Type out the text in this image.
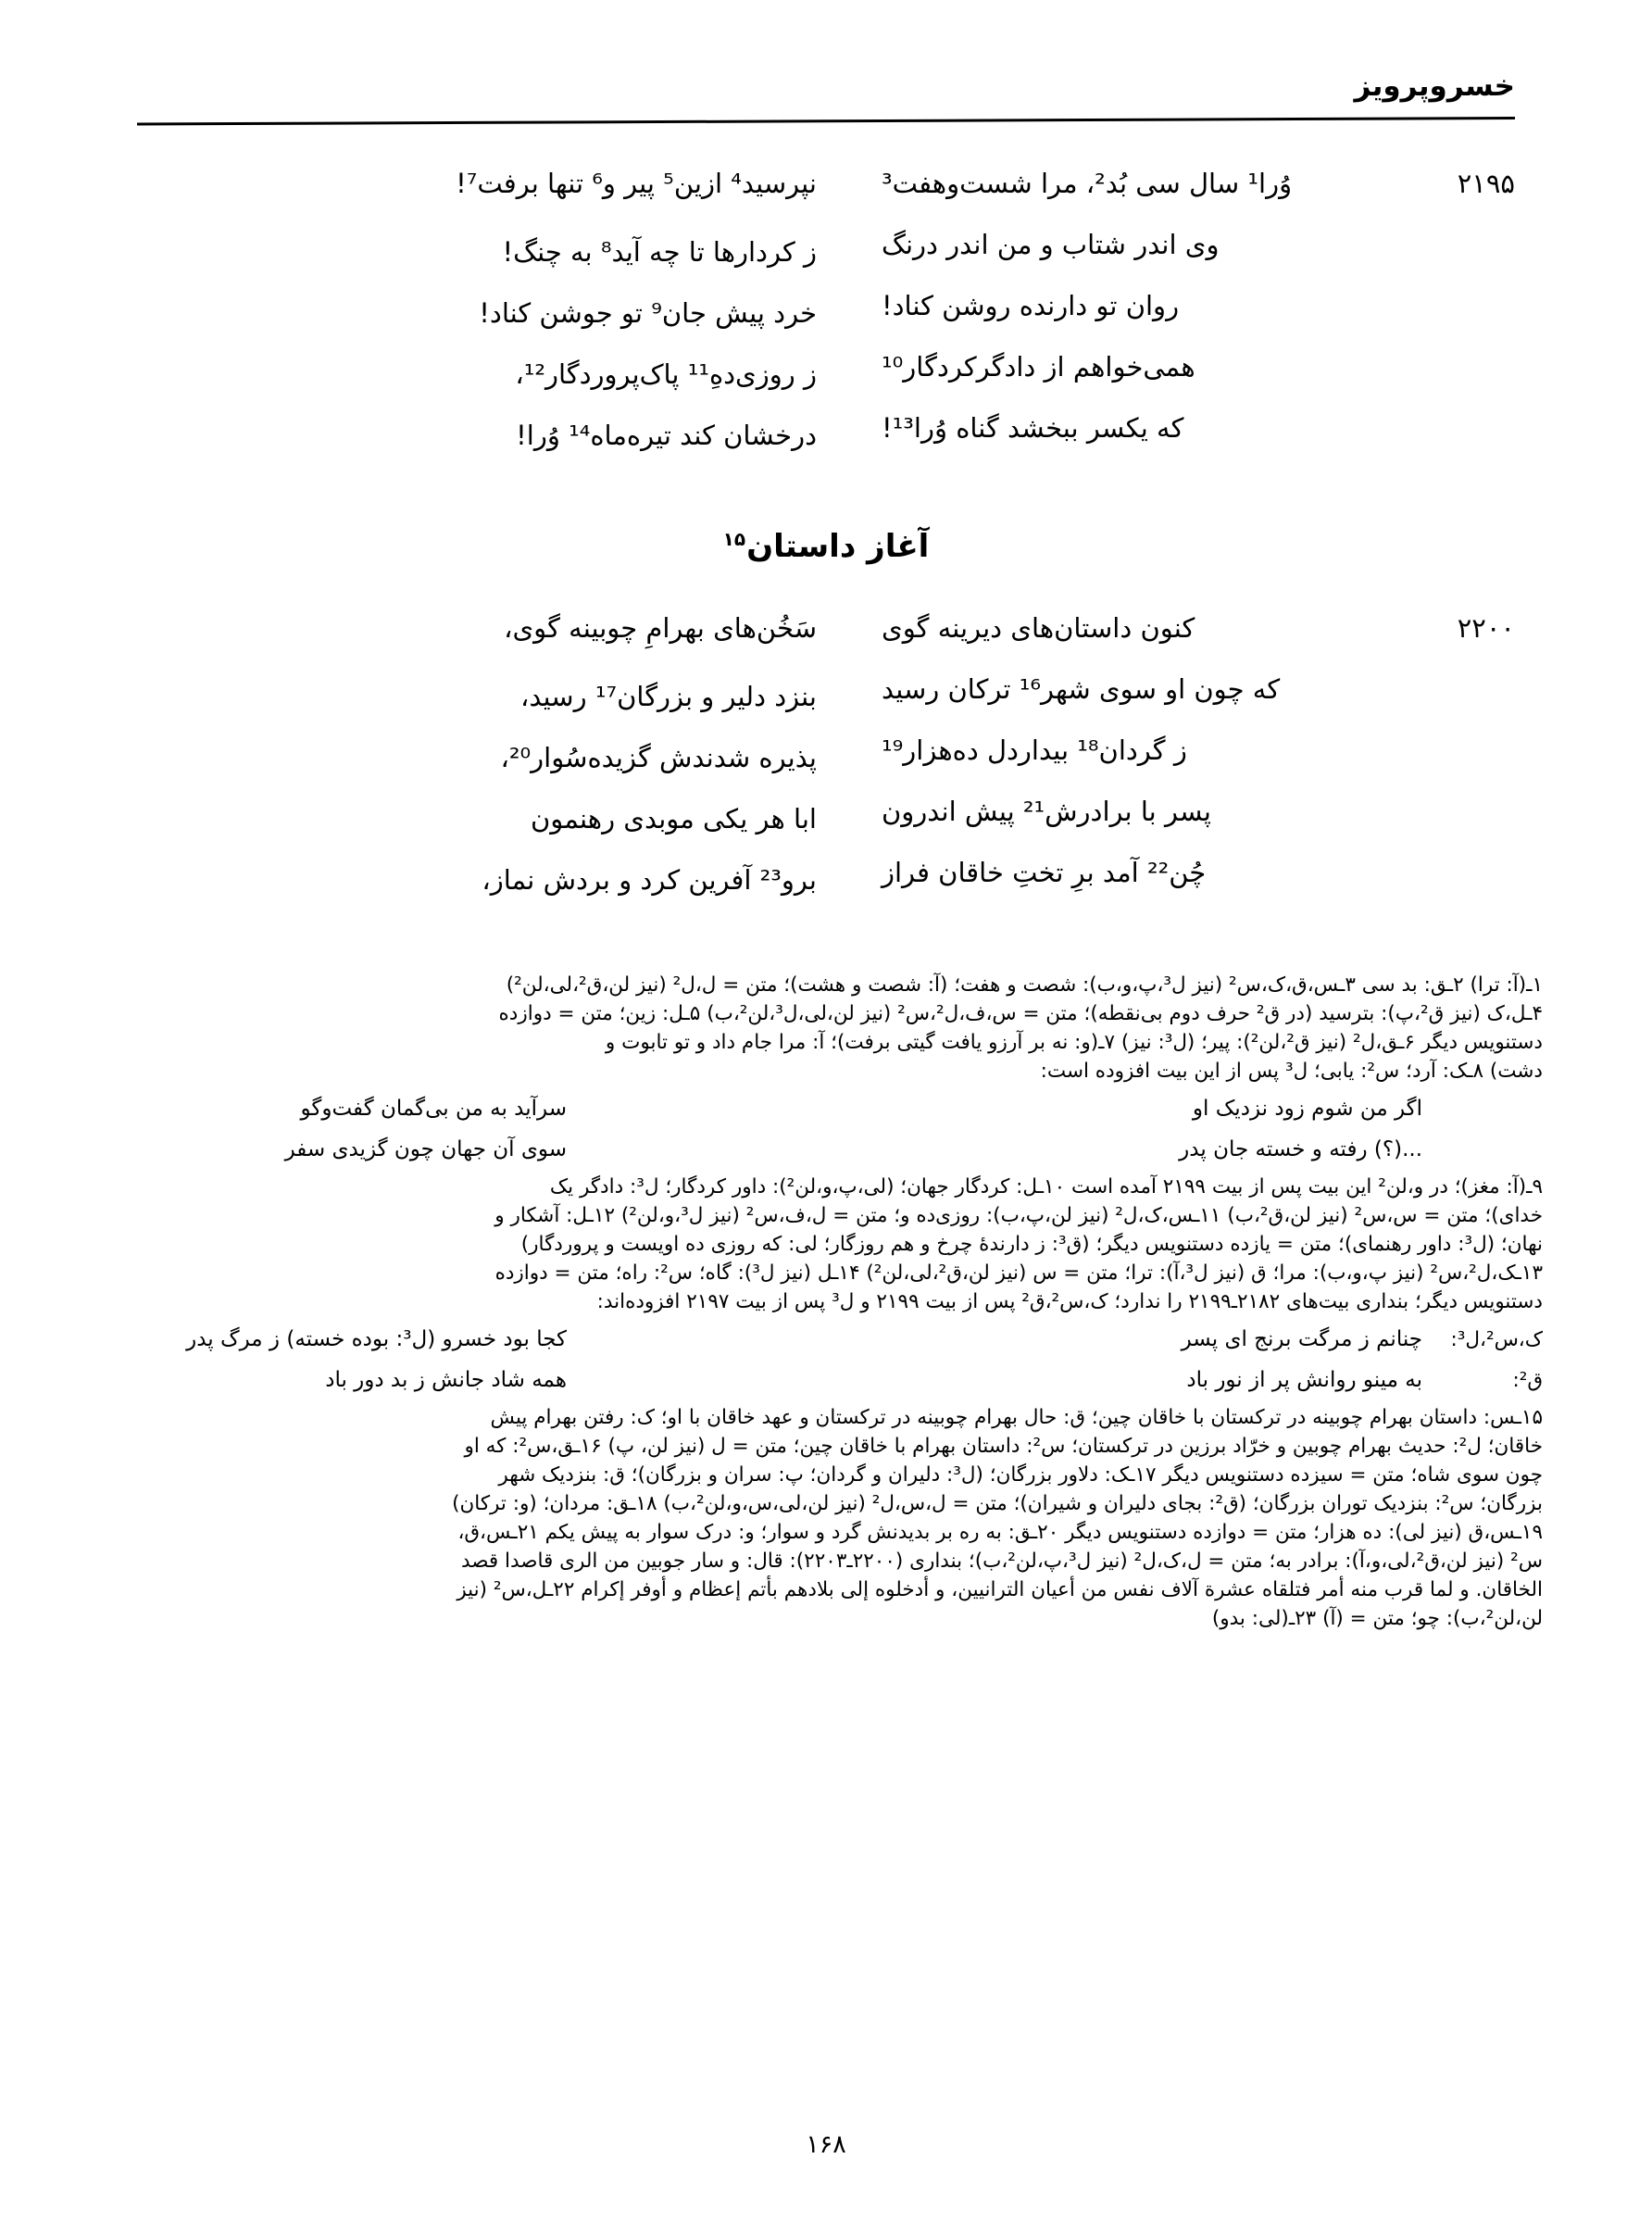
خسروپرویز
۲۱۹۵
وُرا¹ سال سی بُد²، مرا شست‌وهفت³
نپرسید⁴ ازین⁵ پیر و⁶ تنها برفت⁷!
وی اندر شتاب و من اندر درنگ
ز کردارها تا چه آید⁸ به چنگ!
روان تو دارنده روشن کناد!
خرد پیش جان⁹ تو جوشن کناد!
همی‌خواهم از دادگرکردگار¹⁰
ز روزی‌دهِ¹¹ پاک‌پروردگار¹²،
که یکسر ببخشد گناه وُرا¹³!
درخشان کند تیره‌ماه¹⁴ وُرا!
آغاز داستان$^{۱۵}$
۲۲۰۰
کنون داستان‌های دیرینه گوی
سَخُن‌های بهرامِ چوبینه گوی،
که چون او سوی شهر¹⁶ ترکان رسید
بنزد دلیر و بزرگان¹⁷ رسید،
ز گردان¹⁸ بیداردل ده‌هزار¹⁹
پذیره شدندش گزیده‌سُوار²⁰،
پسر با برادرش²¹ پیش اندرون
ابا هر یکی موبدی رهنمون
چُن²² آمد برِ تختِ خاقان فراز
برو²³ آفرین کرد و بردش نماز،
۱ـ(آ: ترا) ۲ـق: بد سی ۳ـس،ق،ک،س² (نیز ل³،پ،و،ب): شصت و هفت؛ (آ: شصت و هشت)؛ متن = ل،ل² (نیز لن،ق²،لی،لن²)
۴ـل،ک (نیز ق²،پ): بترسید (در ق² حرف دوم بی‌نقطه)؛ متن = س،ف،ل²،س² (نیز لن،لی،ل³،لن²،ب) ۵ـل: زین؛ متن = دوازده
دستنویس دیگر ۶ـق،ل² (نیز ق²،لن²): پیر؛ (ل³: نیز) ۷ـ(و: نه بر آرزو یافت گیتی برفت)؛ آ: مرا جام داد و تو تابوت و
دشت) ۸ـک: آرد؛ س²: یابی؛ ل³ پس از این بیت افزوده است:
اگر من شوم زود نزدیک او
سرآید به من بی‌گمان گفت‌وگو
...(؟) رفته و خسته جان پدر
سوی آن جهان چون گزیدی سفر
۹ـ(آ: مغز)؛ در و،لن² این بیت پس از بیت ۲۱۹۹ آمده است ۱۰ـل: کردگار جهان؛ (لی،پ،و،لن²): داور کردگار؛ ل³: دادگر یک
خدای)؛ متن = س،س² (نیز لن،ق²،ب) ۱۱ـس،ک،ل² (نیز لن،پ،ب): روزی‌ده و؛ متن = ل،ف،س² (نیز ل³،و،لن²) ۱۲ـل: آشکار و
نهان؛ (ل³: داور رهنمای)؛ متن = یازده دستنویس دیگر؛ (ق³: ز دارندهٔ چرخ و هم روزگار؛ لی: که روزی ده اویست و پروردگار)
۱۳ـک،ل²،س² (نیز پ،و،ب): مرا؛ ق (نیز ل³،آ): ترا؛ متن = س (نیز لن،ق²،لی،لن²) ۱۴ـل (نیز ل³): گاه؛ س²: راه؛ متن = دوازده
دستنویس دیگر؛ بنداری بیت‌های ۲۱۸۲ـ۲۱۹۹ را ندارد؛ ک،س²،ق² پس از بیت ۲۱۹۹ و ل³ پس از بیت ۲۱۹۷ افزوده‌اند:
ک،س²،ل³:
چنانم ز مرگت برنج ای پسر
کجا بود خسرو (ل³: بوده خسته) ز مرگ پدر
ق²:
به مینو روانش پر از نور باد
همه شاد جانش ز بد دور باد
۱۵ـس: داستان بهرام چوبینه در ترکستان با خاقان چین؛ ق: حال بهرام چوبینه در ترکستان و عهد خاقان با او؛ ک: رفتن بهرام پیش
خاقان؛ ل²: حدیث بهرام چوبین و خرّاد برزین در ترکستان؛ س²: داستان بهرام با خاقان چین؛ متن = ل (نیز لن، پ) ۱۶ـق،س²: که او
چون سوی شاه؛ متن = سیزده دستنویس دیگر ۱۷ـک: دلاور بزرگان؛ (ل³: دلیران و گردان؛ پ: سران و بزرگان)؛ ق: بنزدیک شهر
بزرگان؛ س²: بنزدیک توران بزرگان؛ (ق²: بجای دلیران و شیران)؛ متن = ل،س،ل² (نیز لن،لی،س،و،لن²،ب) ۱۸ـق: مردان؛ (و: ترکان)
۱۹ـس،ق (نیز لی): ده هزار؛ متن = دوازده دستنویس دیگر ۲۰ـق: به ره بر بدیدنش گرد و سوار؛ و: درک سوار به پیش یکم ۲۱ـس،ق،
س² (نیز لن،ق²،لی،و،آ): برادر به؛ متن = ل،ک،ل² (نیز ل³،پ،لن²،ب)؛ بنداری (۲۲۰۰ـ۲۲۰۳): قال: و سار جوبین من الری قاصدا قصد
الخاقان. و لما قرب منه أمر فتلقاه عشرة آلاف نفس من أعیان الترانیین، و أدخلوه إلی بلادهم بأتم إعظام و أوفر إکرام ۲۲ـل،س² (نیز
لن،لن²،ب): چو؛ متن = (آ) ۲۳ـ(لی: بدو)
۱۶۸
